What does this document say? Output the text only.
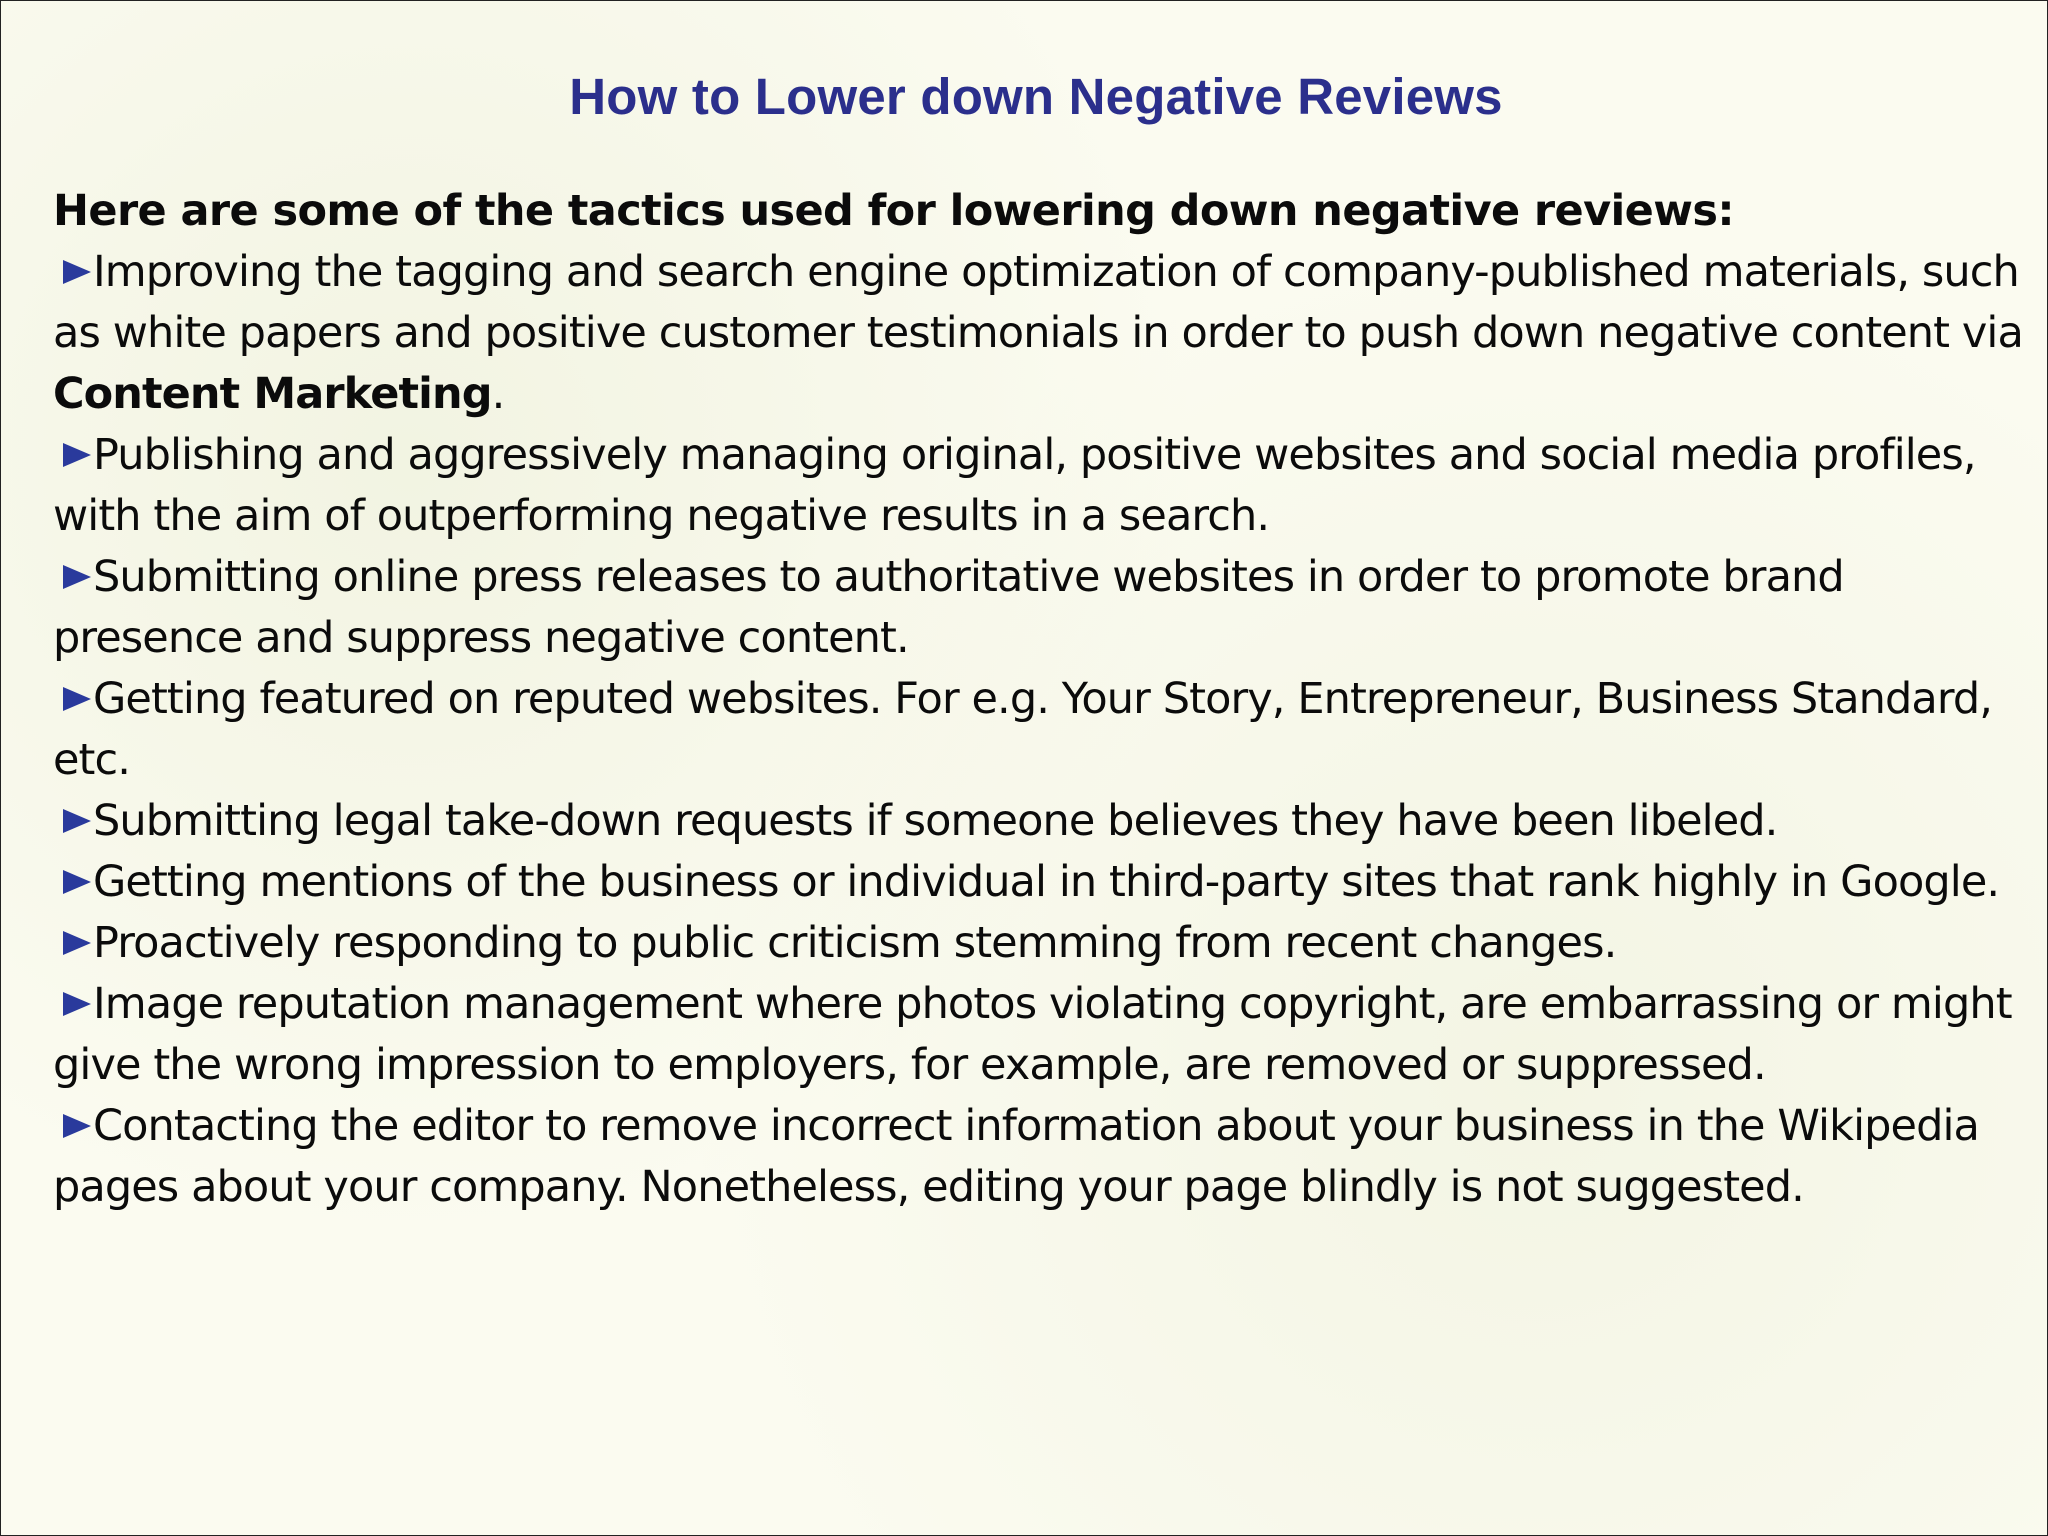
How to Lower down Negative Reviews
Here are some of the tactics used for lowering down negative reviews:

Improving the tagging and search engine optimization of company-published materials, such as white papers and positive customer testimonials in order to push down negative content via Content Marketing.

Publishing and aggressively managing original, positive websites and social media profiles, with the aim of outperforming negative results in a search.

Submitting online press releases to authoritative websites in order to promote brand presence and suppress negative content.

Getting featured on reputed websites. For e.g. Your Story, Entrepreneur, Business Standard, etc.

Submitting legal take-down requests if someone believes they have been libeled.

Getting mentions of the business or individual in third-party sites that rank highly in Google.

Proactively responding to public criticism stemming from recent changes.

Image reputation management where photos violating copyright, are embarrassing or might give the wrong impression to employers, for example, are removed or suppressed.

Contacting the editor to remove incorrect information about your business in the Wikipedia pages about your company. Nonetheless, editing your page blindly is not suggested.
